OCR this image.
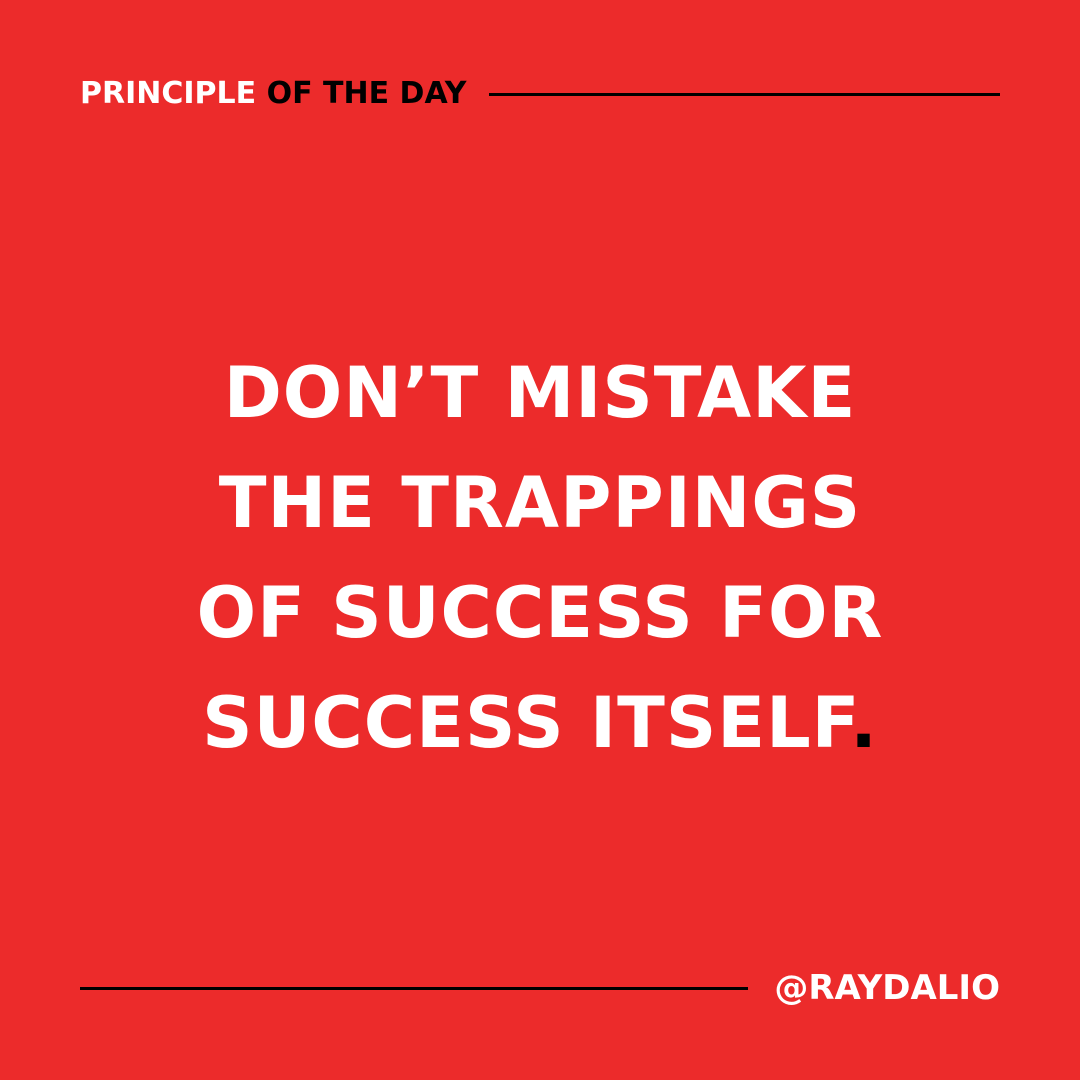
PRINCIPLE OF THE DAY
DON’T MISTAKE
THE TRAPPINGS
OF SUCCESS FOR
SUCCESS ITSELF.
@RAYDALIO
